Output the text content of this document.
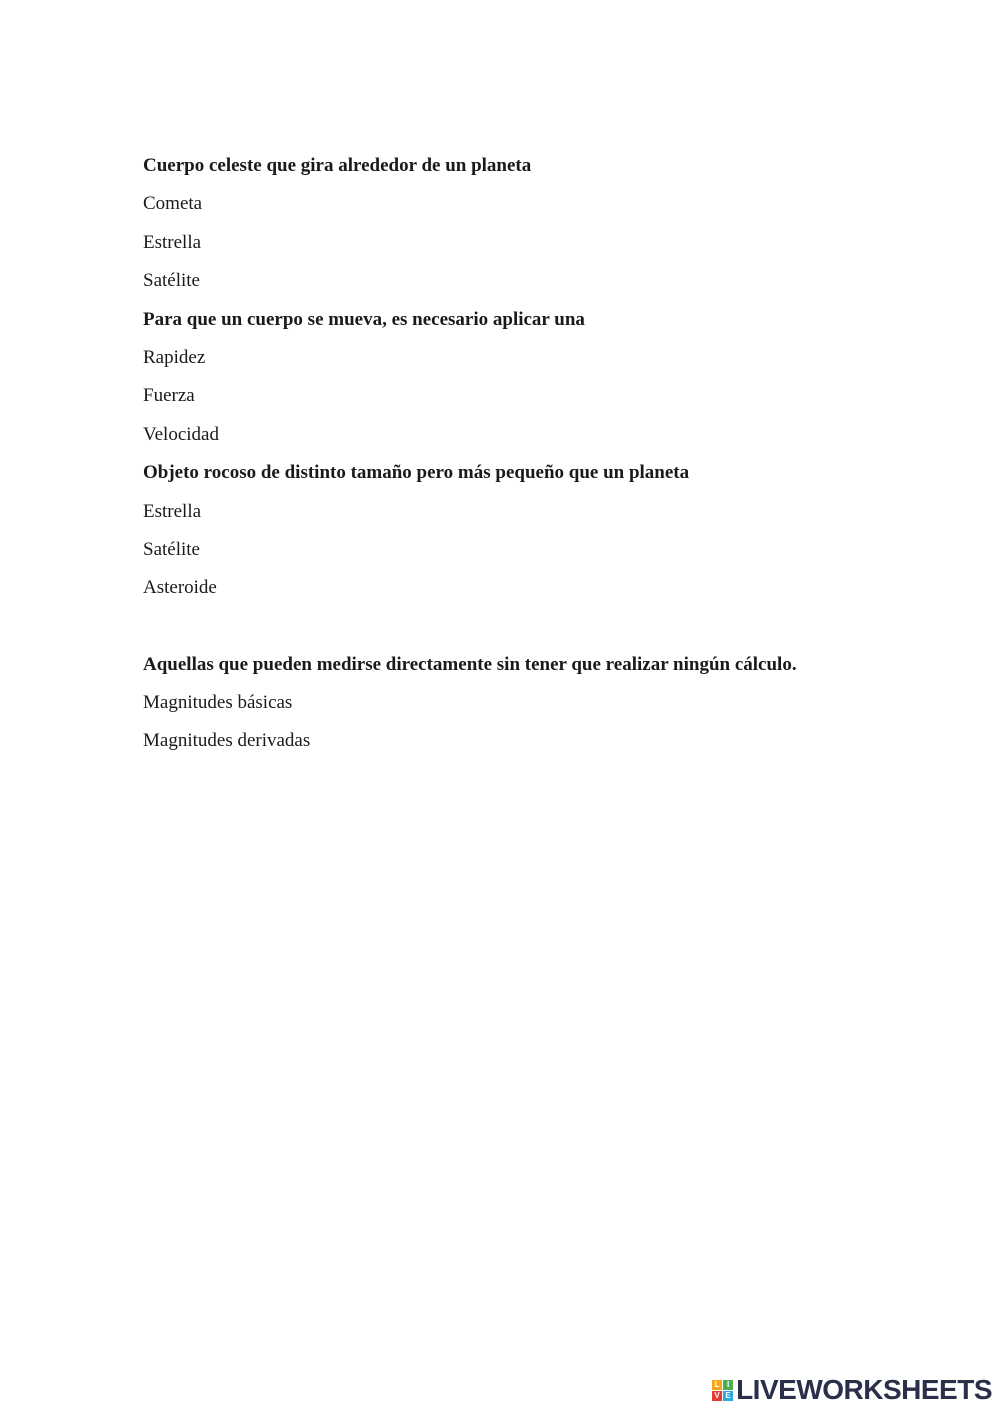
Cuerpo celeste que gira alrededor de un planeta
Cometa
Estrella
Satélite
Para que un cuerpo se mueva, es necesario aplicar una
Rapidez
Fuerza
Velocidad
Objeto rocoso de distinto tamaño pero más pequeño que un planeta
Estrella
Satélite
Asteroide
Aquellas que pueden medirse directamente sin tener que realizar ningún cálculo.
Magnitudes básicas
Magnitudes derivadas
L I
V E LIVEWORKSHEETS
